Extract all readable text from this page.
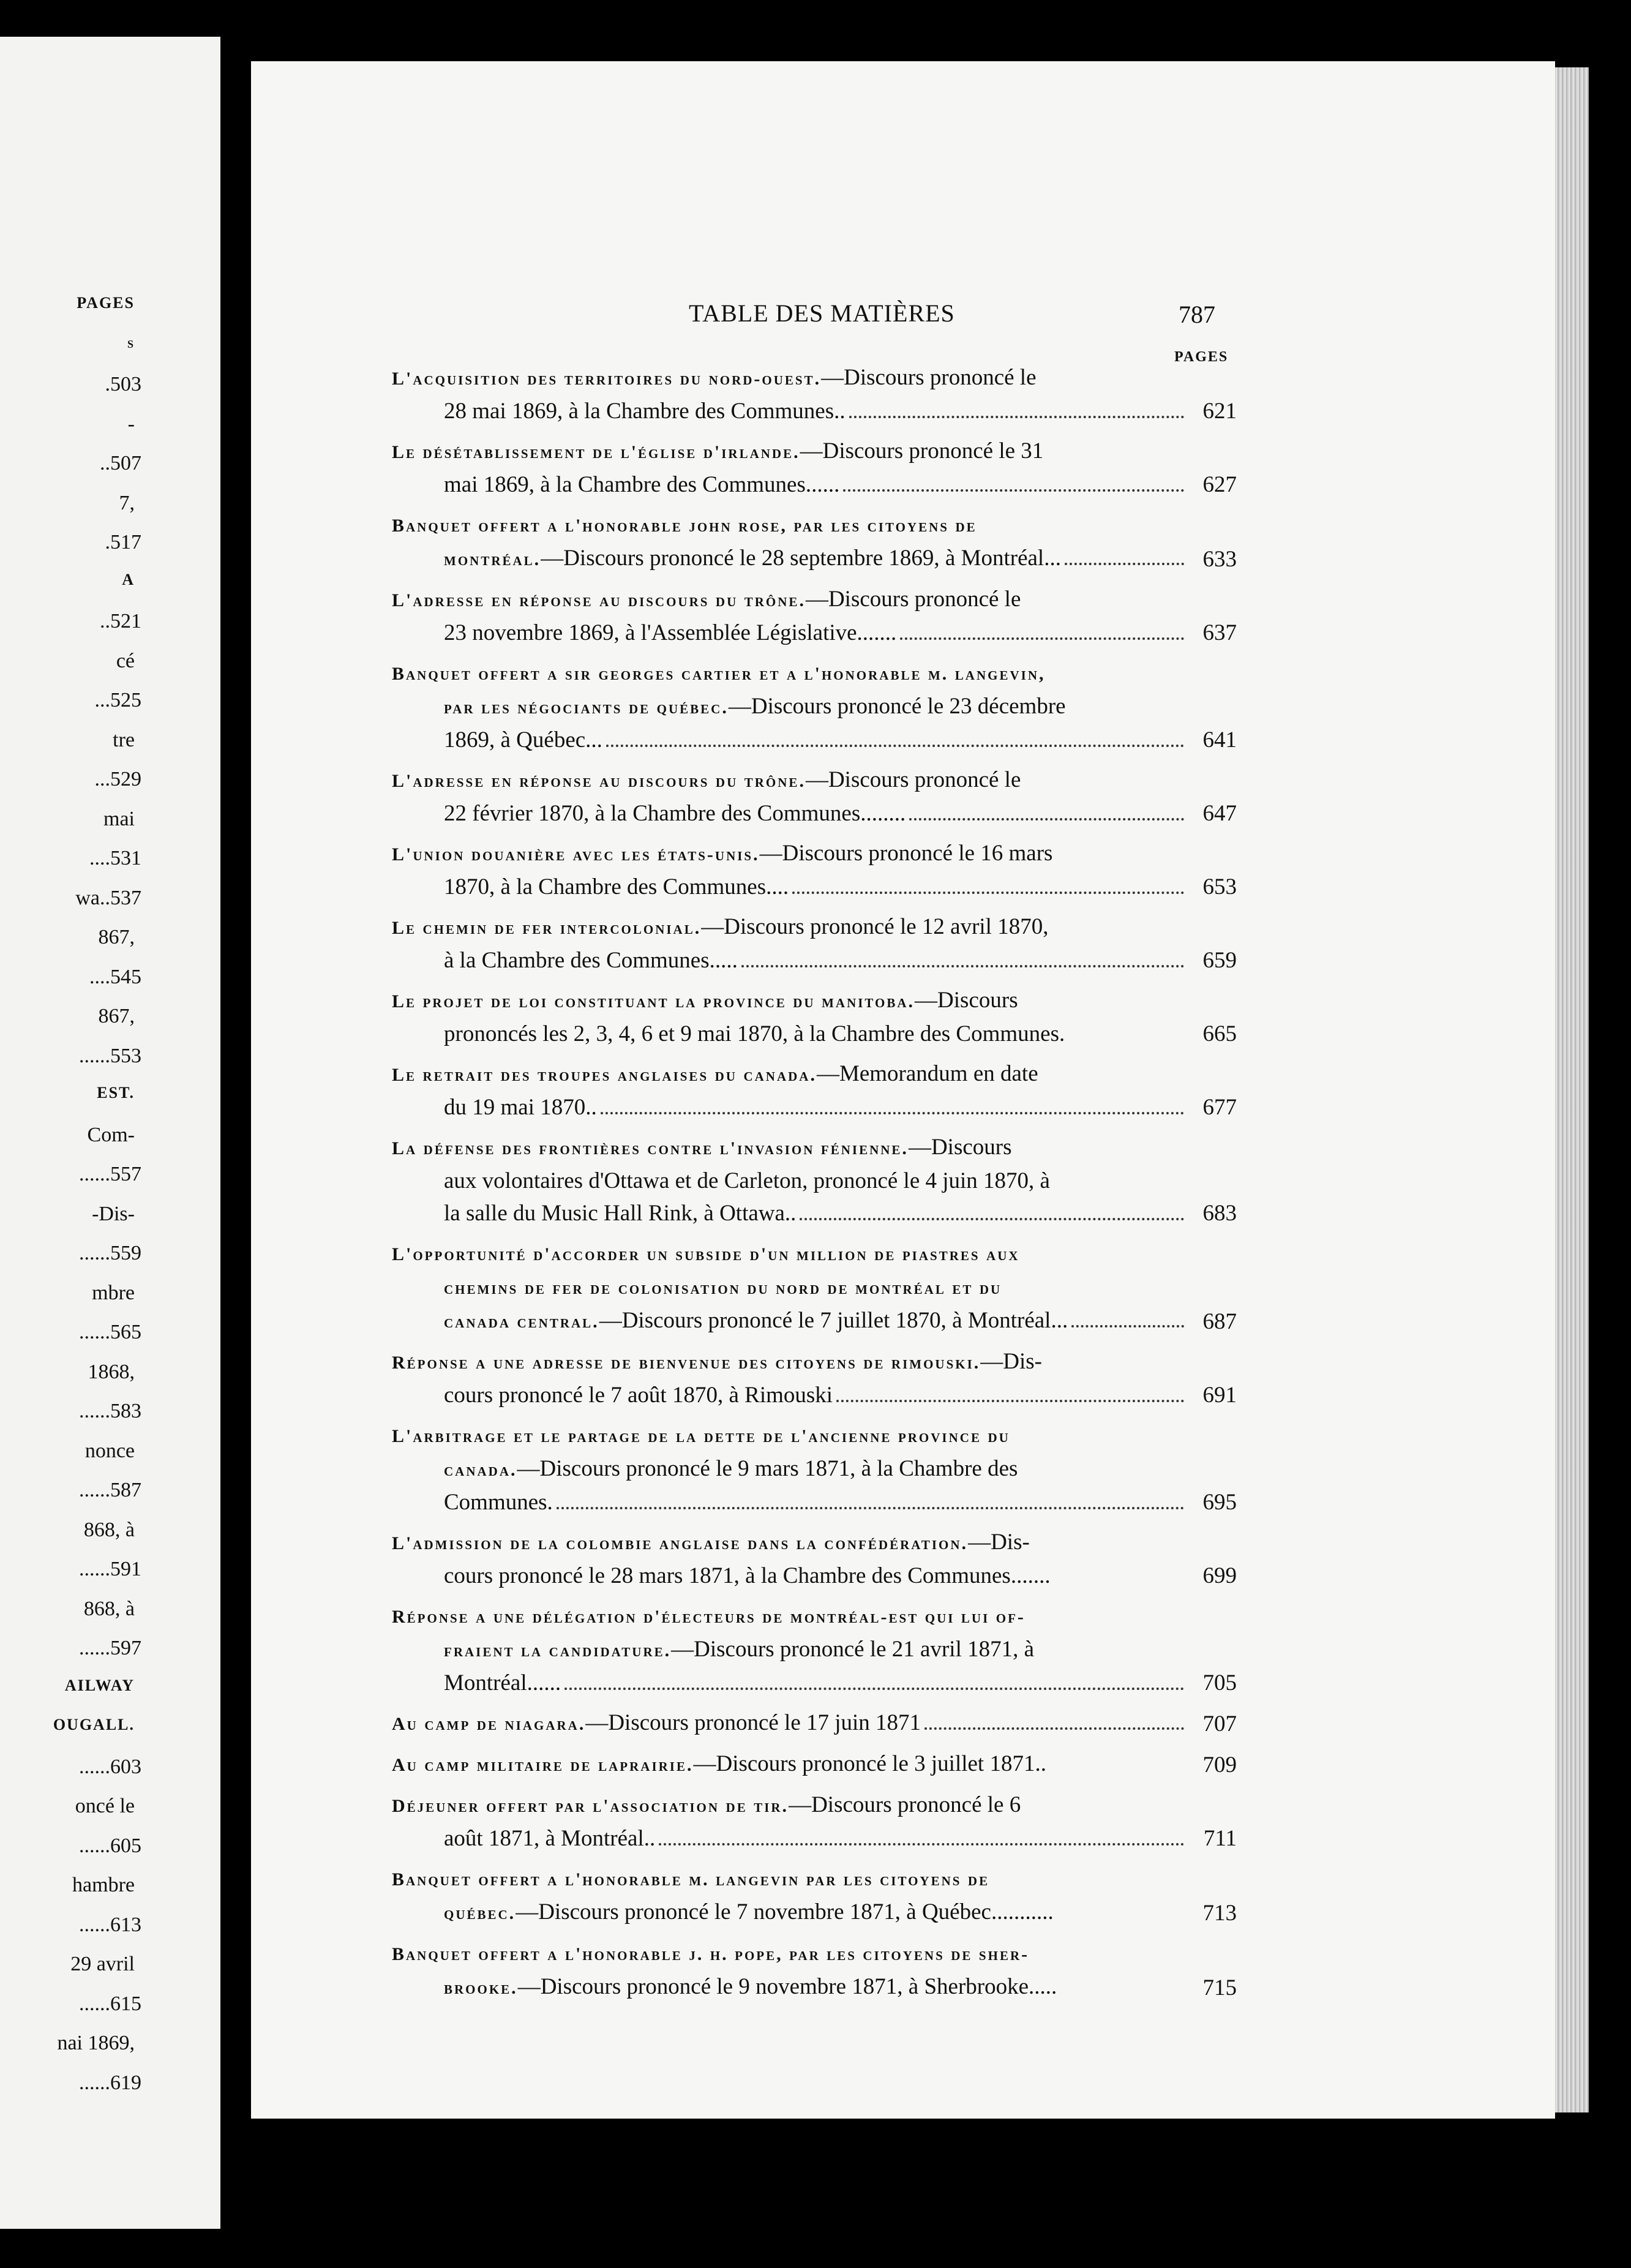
PAGES
s
. 503
-
.. 507
7,
. 517
A
.. 521
cé
... 525
tre
... 529
mai
.... 531
wa.. 537
867,
.... 545
867,
...... 553
EST.
Com-
...... 557
-Dis-
...... 559
mbre
...... 565
1868,
...... 583
nonce
...... 587
868, à
...... 591
868, à
...... 597
AILWAY
OUGALL.
...... 603
oncé le
...... 605
hambre
...... 613
29 avril
...... 615
nai 1869,
...... 619
TABLE DES MATIÈRES	787
PAGES
L'acquisition des territoires du nord-ouest.—Discours prononcé le
28 mai 1869, à la Chambre des Communes..	621
Le désétablissement de l'église d'irlande.—Discours prononcé le 31
mai 1869, à la Chambre des Communes......	627
Banquet offert a l'honorable john rose, par les citoyens de
montréal.—Discours prononcé le 28 septembre 1869, à Montréal...	633
L'adresse en réponse au discours du trône.—Discours prononcé le
23 novembre 1869, à l'Assemblée Législative.......	637
Banquet offert a sir georges cartier et a l'honorable m. langevin,
par les négociants de québec.—Discours prononcé le 23 décembre
1869, à Québec...	641
L'adresse en réponse au discours du trône.—Discours prononcé le
22 février 1870, à la Chambre des Communes........	647
L'union douanière avec les états-unis.—Discours prononcé le 16 mars
1870, à la Chambre des Communes....	653
Le chemin de fer intercolonial.—Discours prononcé le 12 avril 1870,
à la Chambre des Communes.....	659
Le projet de loi constituant la province du manitoba.—Discours
prononcés les 2, 3, 4, 6 et 9 mai 1870, à la Chambre des Communes.	665
Le retrait des troupes anglaises du canada.—Memorandum en date
du 19 mai 1870..	677
La défense des frontières contre l'invasion fénienne.—Discours
aux volontaires d'Ottawa et de Carleton, prononcé le 4 juin 1870, à
la salle du Music Hall Rink, à Ottawa..	683
L'opportunité d'accorder un subside d'un million de piastres aux
chemins de fer de colonisation du nord de montréal et du
canada central.—Discours prononcé le 7 juillet 1870, à Montréal...	687
Réponse a une adresse de bienvenue des citoyens de rimouski.—Dis-
cours prononcé le 7 août 1870, à Rimouski	691
L'arbitrage et le partage de la dette de l'ancienne province du
canada.—Discours prononcé le 9 mars 1871, à la Chambre des
Communes.	695
L'admission de la colombie anglaise dans la confédération.—Dis-
cours prononcé le 28 mars 1871, à la Chambre des Communes.......	699
Réponse a une délégation d'électeurs de montréal-est qui lui of-
fraient la candidature.—Discours prononcé le 21 avril 1871, à
Montréal......	705
Au camp de niagara.—Discours prononcé le 17 juin 1871	707
Au camp militaire de laprairie.—Discours prononcé le 3 juillet 1871..	709
Déjeuner offert par l'association de tir.—Discours prononcé le 6
août 1871, à Montréal..	711
Banquet offert a l'honorable m. langevin par les citoyens de
québec.—Discours prononcé le 7 novembre 1871, à Québec...........	713
Banquet offert a l'honorable j. h. pope, par les citoyens de sher-
brooke.—Discours prononcé le 9 novembre 1871, à Sherbrooke.....	715
